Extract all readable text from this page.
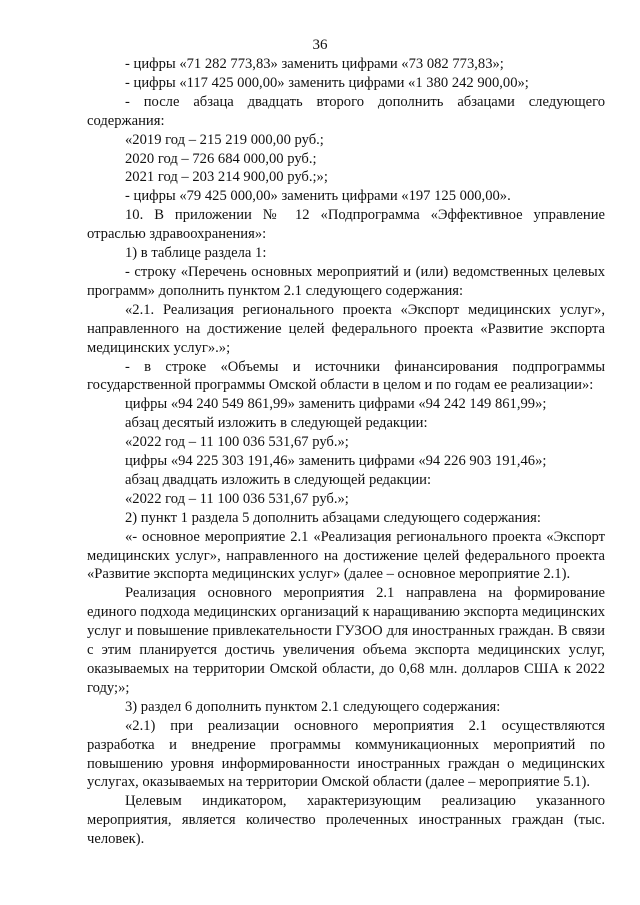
36

- цифры «71 282 773,83» заменить цифрами «73 082 773,83»;

- цифры «117 425 000,00» заменить цифрами «1 380 242 900,00»;

- после абзаца двадцать второго дополнить абзацами следующего содержания:

«2019 год – 215 219 000,00 руб.;

2020 год – 726 684 000,00 руб.;

2021 год – 203 214 900,00 руб.;»;

- цифры «79 425 000,00» заменить цифрами «197 125 000,00».

10. В приложении № 12 «Подпрограмма «Эффективное управление отраслью здравоохранения»:

1) в таблице раздела 1:

- строку «Перечень основных мероприятий и (или) ведомственных целевых программ» дополнить пунктом 2.1 следующего содержания:

«2.1. Реализация регионального проекта «Экспорт медицинских услуг», направленного на достижение целей федерального проекта «Развитие экспорта медицинских услуг».»;

- в строке «Объемы и источники финансирования подпрограммы государственной программы Омской области в целом и по годам ее реализации»:

цифры «94 240 549 861,99» заменить цифрами «94 242 149 861,99»;

абзац десятый изложить в следующей редакции:

«2022 год – 11 100 036 531,67 руб.»;

цифры «94 225 303 191,46» заменить цифрами «94 226 903 191,46»;

абзац двадцать изложить в следующей редакции:

«2022 год – 11 100 036 531,67 руб.»;

2) пункт 1 раздела 5 дополнить абзацами следующего содержания:

«- основное мероприятие 2.1 «Реализация регионального проекта «Экспорт медицинских услуг», направленного на достижение целей федерального проекта «Развитие экспорта медицинских услуг» (далее – основное мероприятие 2.1).

Реализация основного мероприятия 2.1 направлена на формирование единого подхода медицинских организаций к наращиванию экспорта медицинских услуг и повышение привлекательности ГУЗОО для иностранных граждан. В связи с этим планируется достичь увеличения объема экспорта медицинских услуг, оказываемых на территории Омской области, до 0,68 млн. долларов США к 2022 году;»;

3) раздел 6 дополнить пунктом 2.1 следующего содержания:

«2.1) при реализации основного мероприятия 2.1 осуществляются разработка и внедрение программы коммуникационных мероприятий по повышению уровня информированности иностранных граждан о медицинских услугах, оказываемых на территории Омской области (далее – мероприятие 5.1).

Целевым индикатором, характеризующим реализацию указанного мероприятия, является количество пролеченных иностранных граждан (тыс. человек).
